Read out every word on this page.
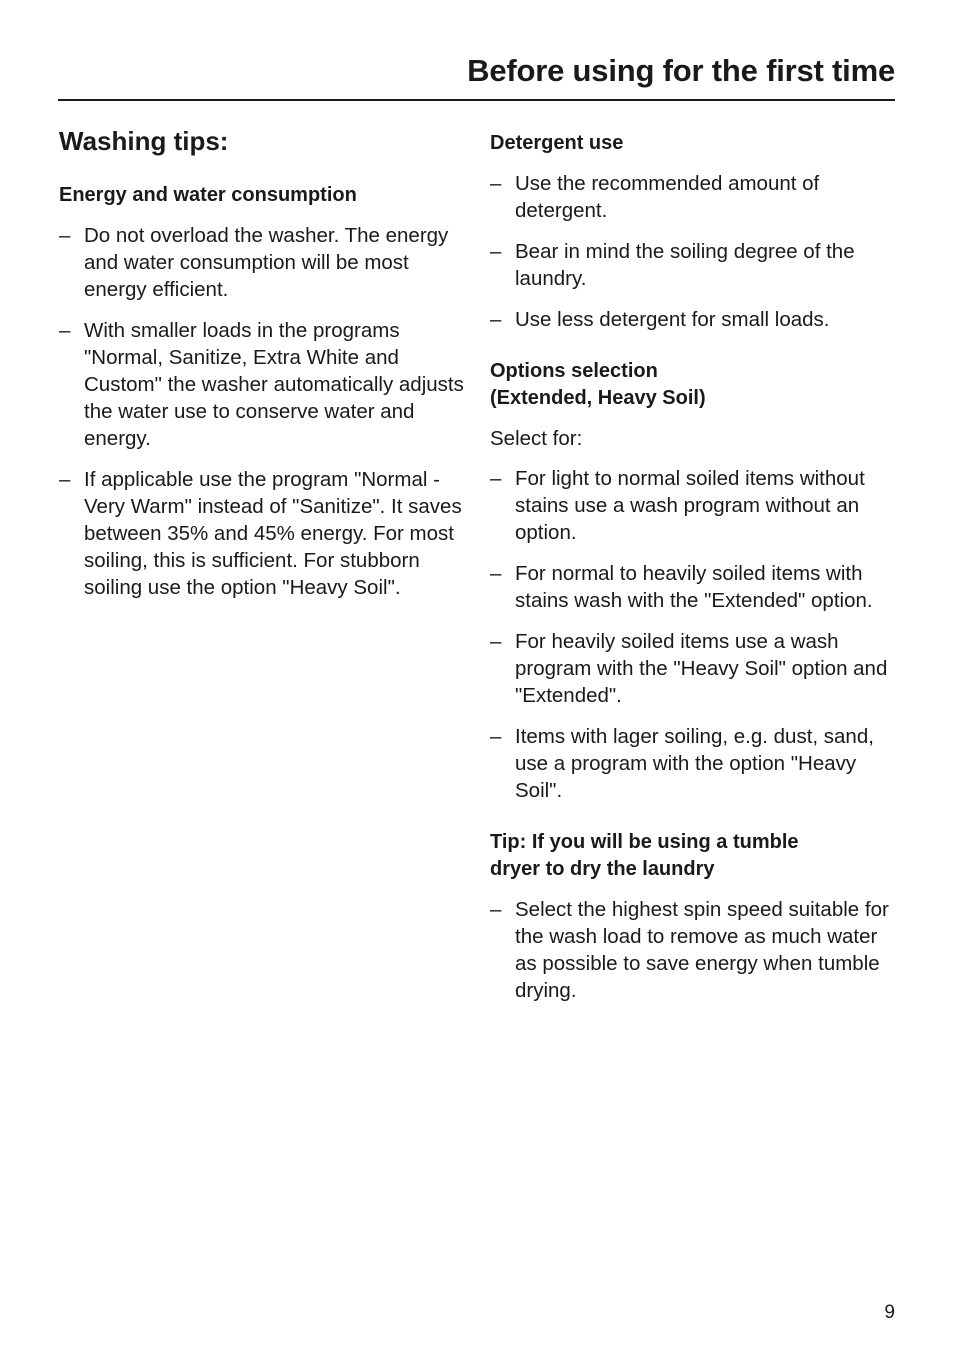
Before using for the first time
Washing tips:
Energy and water consumption
– Do not overload the washer. The energy and water consumption will be most energy efficient.
– With smaller loads in the programs "Normal, Sanitize, Extra White and Custom" the washer automatically adjusts the water use to conserve water and energy.
– If applicable use the program "Normal - Very Warm" instead of "Sanitize". It saves between 35% and 45% energy. For most soiling, this is sufficient. For stubborn soiling use the option "Heavy Soil".
Detergent use
– Use the recommended amount of detergent.
– Bear in mind the soiling degree of the laundry.
– Use less detergent for small loads.
Options selection
(Extended, Heavy Soil)

Select for:

– For light to normal soiled items without stains use a wash program without an option.
– For normal to heavily soiled items with stains wash with the "Extended" option.
– For heavily soiled items use a wash program with the "Heavy Soil" option and "Extended".
– Items with lager soiling, e.g. dust, sand, use a program with the option "Heavy Soil".
Tip: If you will be using a tumble
dryer to dry the laundry
– Select the highest spin speed suitable for the wash load to remove as much water as possible to save energy when tumble drying.
9
